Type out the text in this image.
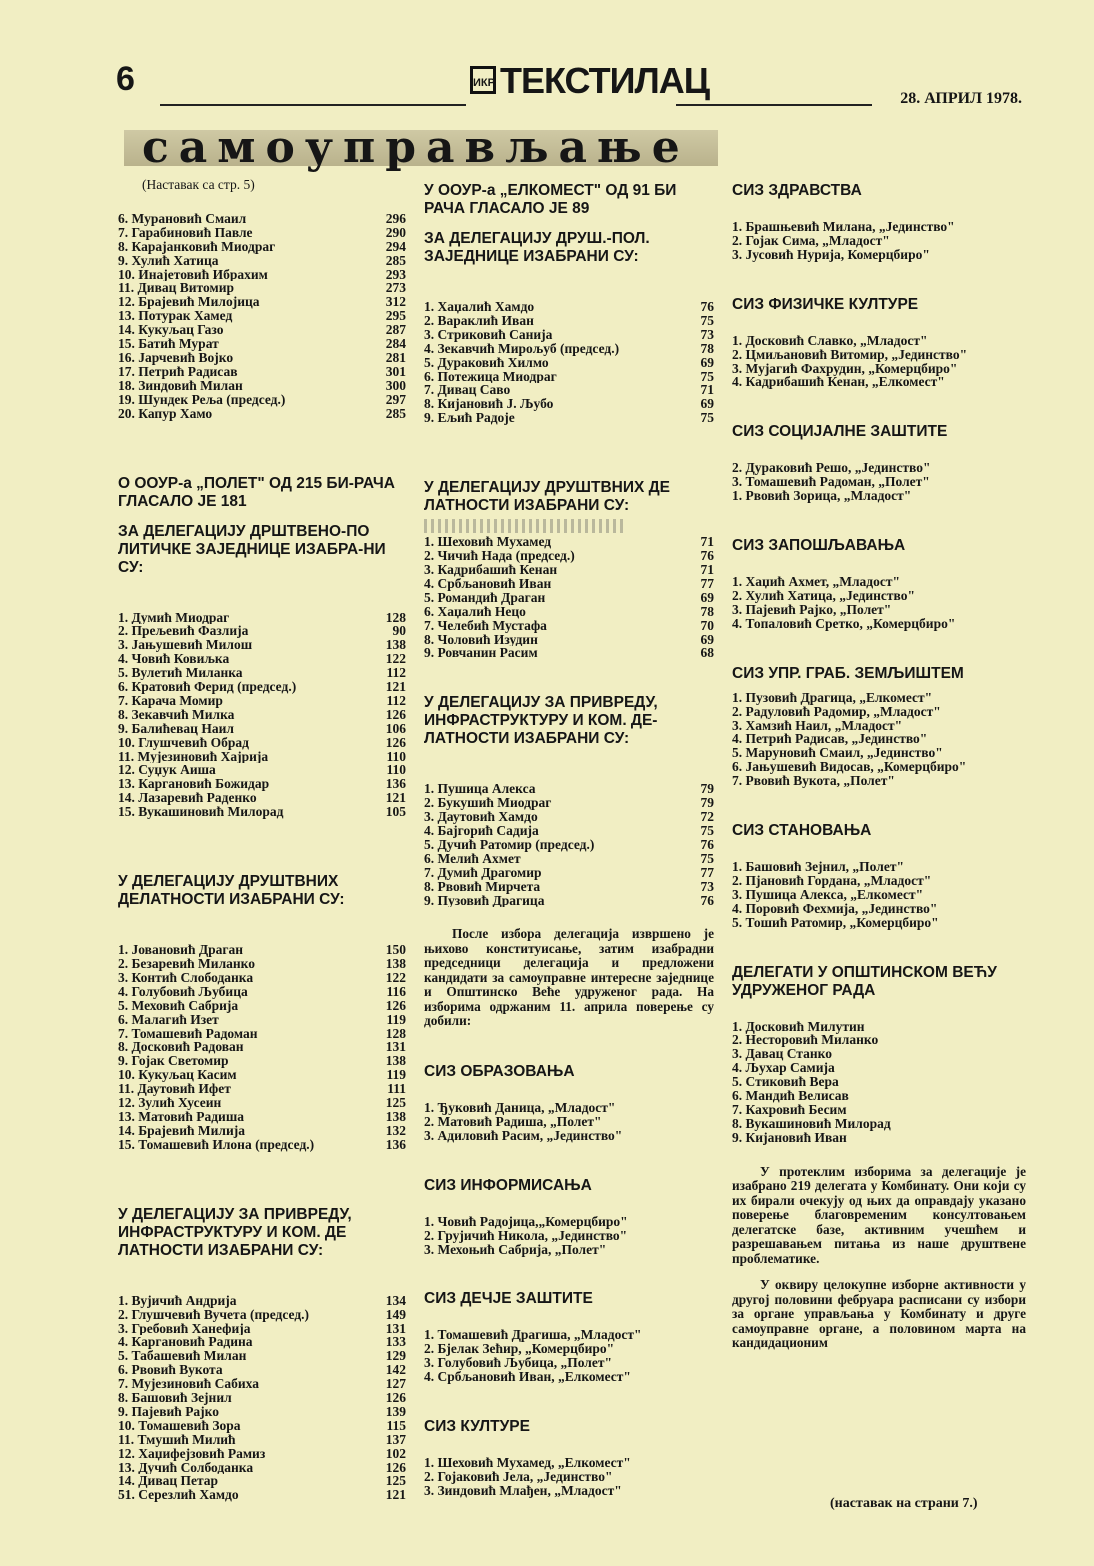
6	ИКР ТЕКСТИЛАЦ	28. АПРИЛ 1978.
самоуправљање
(Наставак са стр. 5)
6. Мурановић Смаил	296
7. Гарабиновић Павле	290
8. Карајанковић Миодраг	294
9. Хулић Хатица	285
10. Инајетовић Ибрахим	293
11. Дивац Витомир	273
12. Брајевић Милојица	312
13. Потурак Хамед	295
14. Кукуљац Газо	287
15. Батић Мурат	284
16. Јарчевић Војко	281
17. Петрић Радисав	301
18. Зиндовић Милан	300
19. Шундек Реља (председ.)	297
20. Капур Хамо	285

О ООУР-а „ПОЛЕТ" ОД 215 БИ-РАЧА ГЛАСАЛО ЈЕ 181

ЗА ДЕЛЕГАЦИЈУ ДРШТВЕНО-ПО ЛИТИЧКЕ ЗАЈЕДНИЦЕ ИЗАБРА-НИ СУ:

1. Думић Миодраг	128
2. Прељевић Фазлија	90
3. Јањушевић Милош	138
4. Човић Ковиљка	122
5. Вулетић Миланка	112
6. Кратовић Ферид (председ.)	121
7. Карача Момир	112
8. Зекавчић Милка	126
9. Балићевац Наил	106
10. Глушчевић Обрад	126
11. Мујезиновић Хајрија	110
12. Суџук Аиша	110
13. Каргановић Божидар	136
14. Лазаревић Раденко	121
15. Вукашиновић Милорад	105

У ДЕЛЕГАЦИЈУ ДРУШТВНИХ ДЕЛАТНОСТИ ИЗАБРАНИ СУ:

1. Јовановић Драган	150
2. Безаревић Миланко	138
3. Контић Слободанка	122
4. Голубовић Љубица	116
5. Меховић Сабрија	126
6. Малагић Изет	119
7. Томашевић Радоман	128
8. Досковић Радован	131
9. Гојак Светомир	138
10. Кукуљац Касим	119
11. Даутовић Ифет	111
12. Зулић Хусеин	125
13. Матовић Радиша	138
14. Брајевић Милија	132
15. Томашевић Илона (председ.)	136

У ДЕЛЕГАЦИЈУ ЗА ПРИВРЕДУ, ИНФРАСТРУКТУРУ И КОМ. ДЕ ЛАТНОСТИ ИЗАБРАНИ СУ:

1. Вујичић Андрија	134
2. Глушчевић Вучета (председ.)	149
3. Гребовић Ханефија	131
4. Каргановић Радина	133
5. Табашевић Милан	129
6. Рвовић Вукота	142
7. Мујезиновић Сабиха	127
8. Башовић Зејнил	126
9. Пајевић Рајко	139
10. Томашевић Зора	115
11. Тмушић Милић	137
12. Хаџифејзовић Рамиз	102
13. Дучић Солбоданка	126
14. Дивац Петар	125
51. Серезлић Хамдо	121

У ООУР-а „ЕЛКОМЕСТ" ОД 91 БИ РАЧА ГЛАСАЛО ЈЕ 89

ЗА ДЕЛЕГАЦИЈУ ДРУШ.-ПОЛ. ЗАЈЕДНИЦЕ ИЗАБРАНИ СУ:

1. Хаџалић Хамдо	76
2. Вараклић Иван	75
3. Стриковић Санија	73
4. Зекавчић Мирољуб (председ.)	78
5. Дураковић Хилмо	69
6. Потежица Миодраг	75
7. Дивац Саво	71
8. Кијановић Ј. Љубо	69
9. Ељић Радоје	75

У ДЕЛЕГАЦИЈУ ДРУШТВНИХ ДЕ ЛАТНОСТИ ИЗАБРАНИ СУ:

1. Шеховић Мухамед	71
2. Чичић Нада (председ.)	76
3. Кадрибашић Кенан	71
4. Србљановић Иван	77
5. Романдић Драган	69
6. Хаџалић Нецо	78
7. Челебић Мустафа	70
8. Чоловић Изудин	69
9. Ровчанин Расим	68

У ДЕЛЕГАЦИЈУ ЗА ПРИВРЕДУ, ИНФРАСТРУКТУРУ И КОМ. ДЕ-ЛАТНОСТИ ИЗАБРАНИ СУ:

1. Пушица Алекса	79
2. Букушић Миодраг	79
3. Даутовић Хамдо	72
4. Бајгорић Садија	75
5. Дучић Ратомир (председ.)	76
6. Мелић Ахмет	75
7. Думић Драгомир	77
8. Рвовић Мирчета	73
9. Пузовић Драгица	76

После избора делегација извршено је њихово конституисање, затим изабрадни председници делегација и предложени кандидати за самоуправне интересне заједнице и Општинско Веће удруженог рада. На изборима одржаним 11. априла поверење су добили:

СИЗ ОБРАЗОВАЊА

1. Ђуковић Даница, „Младост"
2. Матовић Радиша, „Полет"
3. Адиловић Расим, „Јединство"

СИЗ ИНФОРМИСАЊА

1. Човић Радојица,„Комерцбиро"
2. Грујичић Никола, „Јединство"
3. Мехоњић Сабрија, „Полет"

СИЗ ДЕЧЈЕ ЗАШТИТЕ

1. Томашевић Драгиша, „Младост"
2. Бјелак Зећир, „Комерцбиро"
3. Голубовић Љубица, „Полет"
4. Србљановић Иван, „Елкомест"

СИЗ КУЛТУРЕ

1. Шеховић Мухамед, „Елкомест"
2. Гојаковић Јела, „Јединство"
3. Зиндовић Млађен, „Младост"

СИЗ ЗДРАВСТВА

1. Брашњевић Милана, „Јединство"
2. Гојак Сима, „Младост"
3. Јусовић Нурија, Комерцбиро"

СИЗ ФИЗИЧКЕ КУЛТУРЕ

1. Досковић Славко, „Младост"
2. Цмиљановић Витомир, „Јединство"
3. Мујагић Фахрудин, „Комерцбиро"
4. Кадрибашић Кенан, „Елкомест"

СИЗ СОЦИЈАЛНЕ ЗАШТИТЕ

2. Дураковић Решо, „Јединство"
3. Томашевић Радоман, „Полет"
1. Рвовић Зорица, „Младост"

СИЗ ЗАПОШЉАВАЊА

1. Хаџић Ахмет, „Младост"
2. Хулић Хатица, „Јединство"
3. Пајевић Рајко, „Полет"
4. Топаловић Сретко, „Комерцбиро"

СИЗ УПР. ГРАБ. ЗЕМЉИШТЕМ

1. Пузовић Драгица, „Елкомест"
2. Радуловић Радомир, „Младост"
3. Хамзић Наил, „Младост"
4. Петрић Радисав, „Јединство"
5. Маруновић Смаил, „Јединство"
6. Јањушевић Видосав, „Комерцбиро"
7. Рвовић Вукота, „Полет"

СИЗ СТАНОВАЊА

1. Башовић Зејнил, „Полет"
2. Пјановић Гордана, „Младост"
3. Пушица Алекса, „Елкомест"
4. Поровић Фехмија, „Јединство"
5. Тошић Ратомир, „Комерцбиро"

ДЕЛЕГАТИ У ОПШТИНСКОМ ВЕЋУ УДРУЖЕНОГ РАДА

1. Досковић Милутин
2. Несторовић Миланко
3. Давац Станко
4. Љухар Самија
5. Стиковић Вера
6. Мандић Велисав
7. Кахровић Бесим
8. Вукашиновић Милорад
9. Кијановић Иван

У протеклим изборима за делегације је изабрано 219 делегата у Комбинату. Они који су их бирали очекују од њих да оправдају указано поверење благовременим консултовањем делегатске базе, активним учешћем и разрешавањем питања из наше друштвене проблематике.

У оквиру целокупне изборне активности у другој половини фебруара расписани су избори за органе управљања у Комбинату и друге самоуправне органе, а половином марта на кандидационим

(наставак на страни 7.)
